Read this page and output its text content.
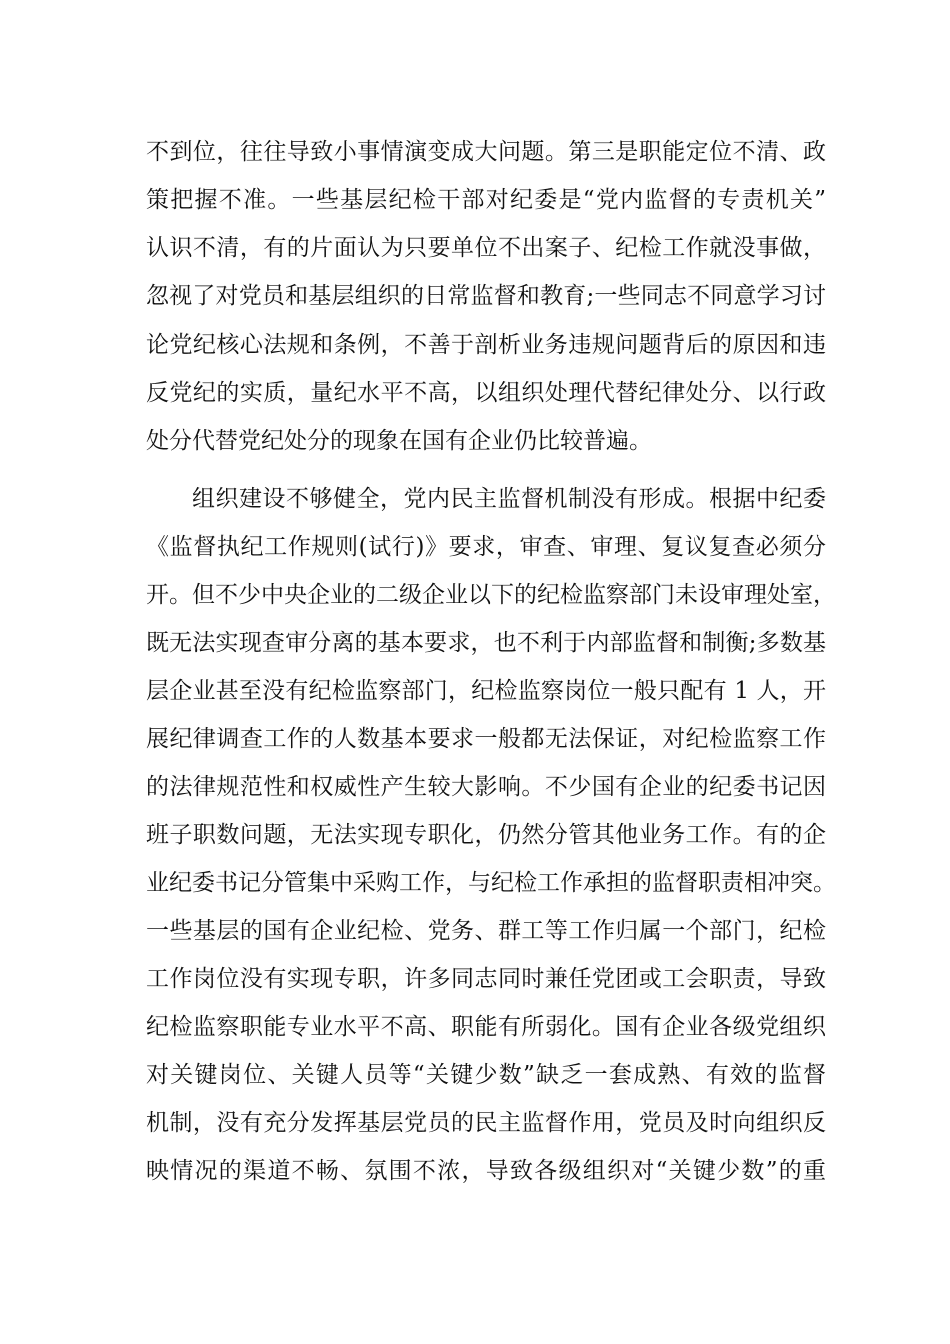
不到位，往往导致小事情演变成大问题。第三是职能定位不清、政
策把握不准。一些基层纪检干部对纪委是“党内监督的专责机关”
认识不清，有的片面认为只要单位不出案子、纪检工作就没事做，
忽视了对党员和基层组织的日常监督和教育;一些同志不同意学习讨
论党纪核心法规和条例，不善于剖析业务违规问题背后的原因和违
反党纪的实质，量纪水平不高，以组织处理代替纪律处分、以行政
处分代替党纪处分的现象在国有企业仍比较普遍。
组织建设不够健全，党内民主监督机制没有形成。根据中纪委
《监督执纪工作规则(试行)》要求，审查、审理、复议复查必须分
开。但不少中央企业的二级企业以下的纪检监察部门未设审理处室，
既无法实现查审分离的基本要求，也不利于内部监督和制衡;多数基
层企业甚至没有纪检监察部门，纪检监察岗位一般只配有 1 人，开
展纪律调查工作的人数基本要求一般都无法保证，对纪检监察工作
的法律规范性和权威性产生较大影响。不少国有企业的纪委书记因
班子职数问题，无法实现专职化，仍然分管其他业务工作。有的企
业纪委书记分管集中采购工作，与纪检工作承担的监督职责相冲突。
一些基层的国有企业纪检、党务、群工等工作归属一个部门，纪检
工作岗位没有实现专职，许多同志同时兼任党团或工会职责，导致
纪检监察职能专业水平不高、职能有所弱化。国有企业各级党组织
对关键岗位、关键人员等“关键少数”缺乏一套成熟、有效的监督
机制，没有充分发挥基层党员的民主监督作用，党员及时向组织反
映情况的渠道不畅、氛围不浓，导致各级组织对“关键少数”的重
